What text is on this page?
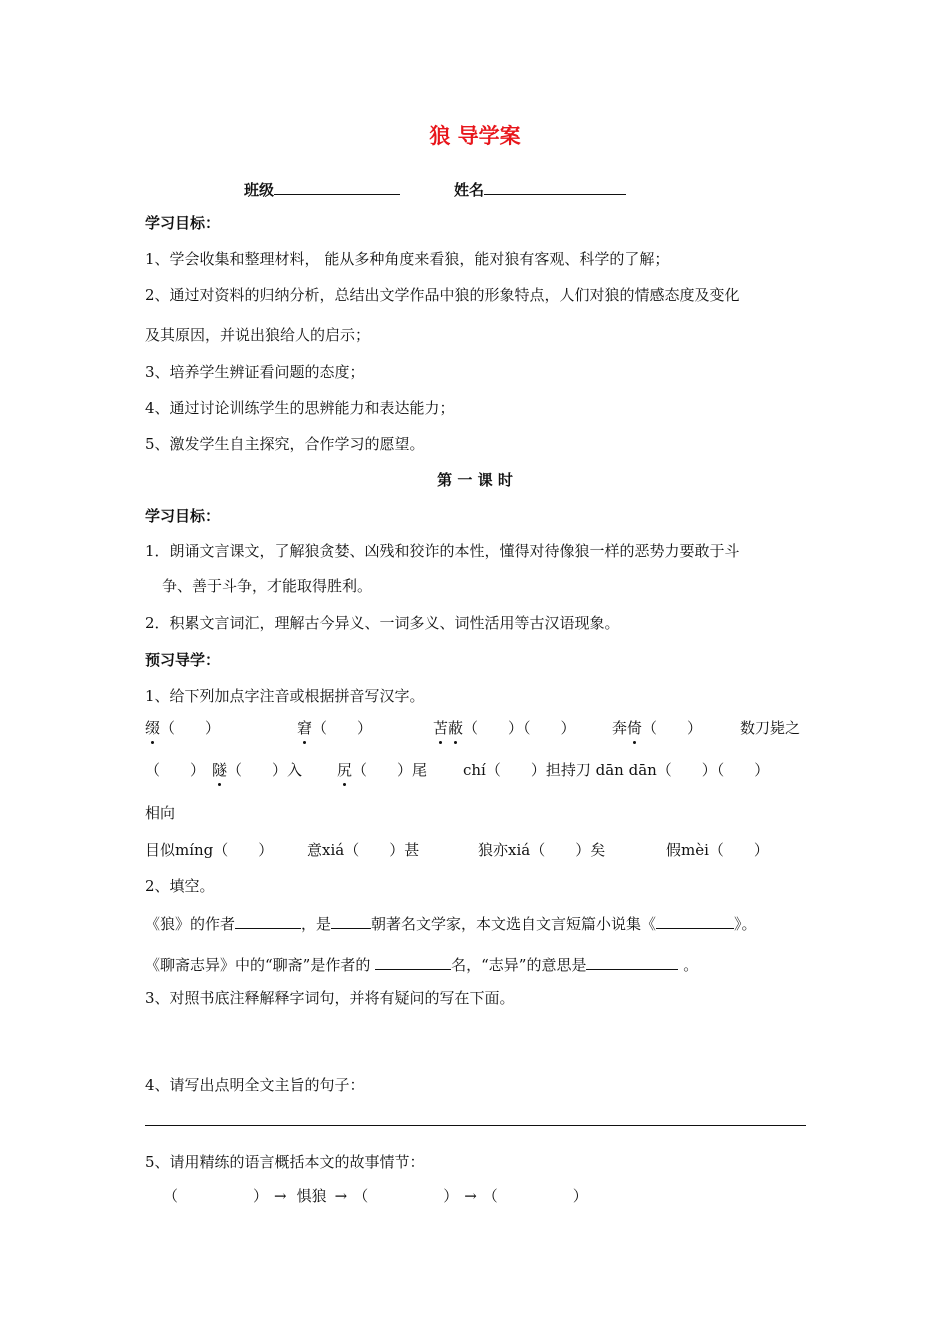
狼 导学案
班级	姓名
学习目标：
1、学会收集和整理材料， 能从多种角度来看狼，能对狼有客观、科学的了解；
2、通过对资料的归纳分析，总结出文学作品中狼的形象特点，人们对狼的情感态度及变化
及其原因，并说出狼给人的启示；
3、培养学生辨证看问题的态度；
4、通过讨论训练学生的思辨能力和表达能力；
5、激发学生自主探究，合作学习的愿望。
第 一 课 时
学习目标：
1．朗诵文言课文，了解狼贪婪、凶残和狡诈的本性，懂得对待像狼一样的恶势力要敢于斗
争、善于斗争，才能取得胜利。
2．积累文言词汇，理解古今异义、一词多义、词性活用等古汉语现象。
预习导学：
1、给下列加点字注音或根据拼音写汉字。
缀（　　）	窘（　　）	苫蔽（　　）（　　） 奔倚（　　）	数刀毙之
（　　） 隧（　　）入 尻（　　）尾 chí（　　）担持刀 dān dān（　　）（　　）
相向
目似míng（　　） 意xiá（　　）甚	狼亦xiá（　　）矣	假mèi（　　）
2、填空。
《狼》的作者	，是	朝著名文学家，本文选自文言短篇小说集《	》。
《聊斋志异》中的“聊斋”是作者的	名，“志异”的意思是	。
3、对照书底注释解释字词句，并将有疑问的写在下面。
4、请写出点明全文主旨的句子：
5、请用精练的语言概括本文的故事情节：
（　　　　　） → 惧狼 → （　　　　　） → （　　　　　）
